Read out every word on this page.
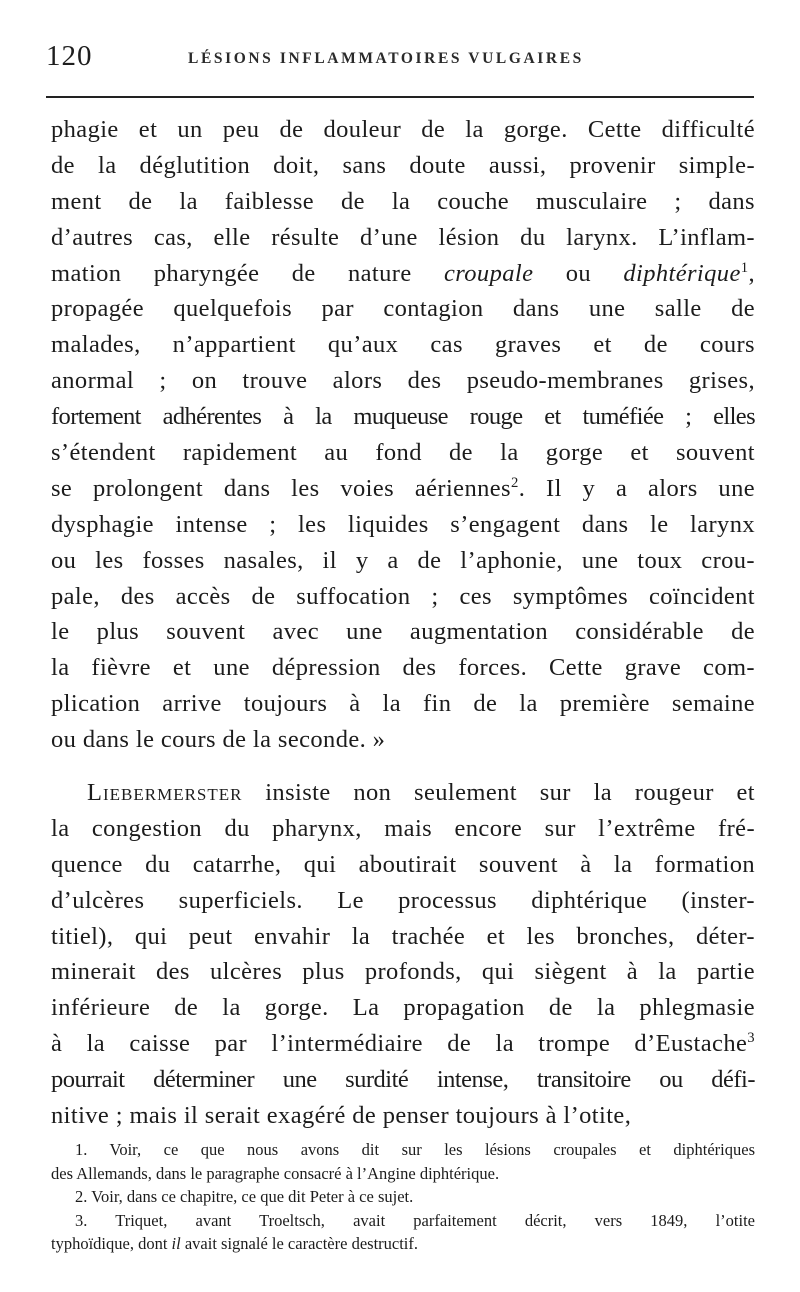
120	LÉSIONS INFLAMMATOIRES VULGAIRES
phagie et un peu de douleur de la gorge. Cette difficulté
de la déglutition doit, sans doute aussi, provenir simple-
ment de la faiblesse de la couche musculaire ; dans
d’autres cas, elle résulte d’une lésion du larynx. L’inflam-
mation pharyngée de nature croupale ou diphtérique$^1$,
propagée quelquefois par contagion dans une salle de
malades, n’appartient qu’aux cas graves et de cours
anormal ; on trouve alors des pseudo-membranes grises,
fortement adhérentes à la muqueuse rouge et tuméfiée ; elles
s’étendent rapidement au fond de la gorge et souvent
se prolongent dans les voies aériennes$^2$. Il y a alors une
dysphagie intense ; les liquides s’engagent dans le larynx
ou les fosses nasales, il y a de l’aphonie, une toux crou-
pale, des accès de suffocation ; ces symptômes coïncident
le plus souvent avec une augmentation considérable de
la fièvre et une dépression des forces. Cette grave com-
plication arrive toujours à la fin de la première semaine
ou dans le cours de la seconde. »
Liebermerster insiste non seulement sur la rougeur et
la congestion du pharynx, mais encore sur l’extrême fré-
quence du catarrhe, qui aboutirait souvent à la formation
d’ulcères superficiels. Le processus diphtérique (inster-
titiel), qui peut envahir la trachée et les bronches, déter-
minerait des ulcères plus profonds, qui siègent à la partie
inférieure de la gorge. La propagation de la phlegmasie
à la caisse par l’intermédiaire de la trompe d’Eustache$^3$
pourrait déterminer une surdité intense, transitoire ou défi-
nitive ; mais il serait exagéré de penser toujours à l’otite,
1. Voir, ce que nous avons dit sur les lésions croupales et diphtériques
des Allemands, dans le paragraphe consacré à l’Angine diphtérique.
2. Voir, dans ce chapitre, ce que dit Peter à ce sujet.
3. Triquet, avant Troeltsch, avait parfaitement décrit, vers 1849, l’otite
typhoïdique, dont il avait signalé le caractère destructif.
